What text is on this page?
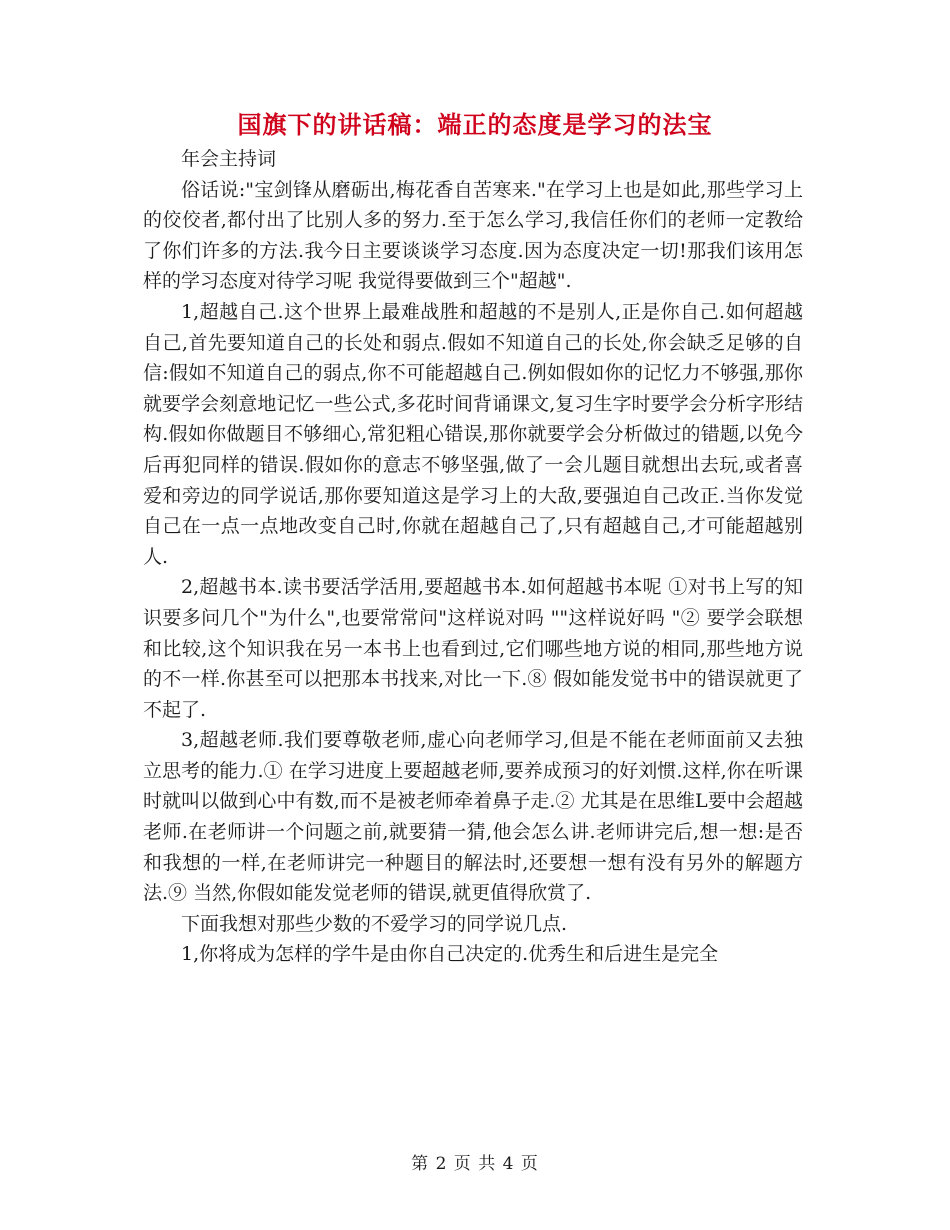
国旗下的讲话稿：端正的态度是学习的法宝

年会主持词

俗话说:"宝剑锋从磨砺出,梅花香自苦寒来."在学习上也是如此,那些学习上的佼佼者,都付出了比别人多的努力.至于怎么学习,我信任你们的老师一定教给了你们许多的方法.我今日主要谈谈学习态度.因为态度决定一切!那我们该用怎样的学习态度对待学习呢 我觉得要做到三个"超越".

1,超越自己.这个世界上最难战胜和超越的不是别人,正是你自己.如何超越自己,首先要知道自己的长处和弱点.假如不知道自己的长处,你会缺乏足够的自信:假如不知道自己的弱点,你不可能超越自己.例如假如你的记忆力不够强,那你就要学会刻意地记忆一些公式,多花时间背诵课文,复习生字时要学会分析字形结构.假如你做题目不够细心,常犯粗心错误,那你就要学会分析做过的错题,以免今后再犯同样的错误.假如你的意志不够坚强,做了一会儿题目就想出去玩,或者喜爱和旁边的同学说话,那你要知道这是学习上的大敌,要强迫自己改正.当你发觉自己在一点一点地改变自己时,你就在超越自己了,只有超越自己,才可能超越别人.

2,超越书本.读书要活学活用,要超越书本.如何超越书本呢 ①对书上写的知识要多问几个"为什么",也要常常问"这样说对吗 ""这样说好吗 "② 要学会联想和比较,这个知识我在另一本书上也看到过,它们哪些地方说的相同,那些地方说的不一样.你甚至可以把那本书找来,对比一下.⑧ 假如能发觉书中的错误就更了不起了.

3,超越老师.我们要尊敬老师,虚心向老师学习,但是不能在老师面前又去独立思考的能力.① 在学习进度上要超越老师,要养成预习的好刘惯.这样,你在听课时就叫以做到心中有数,而不是被老师牵着鼻子走.② 尤其是在思维L要中会超越老师.在老师讲一个问题之前,就要猜一猜,他会怎么讲.老师讲完后,想一想:是否和我想的一样,在老师讲完一种题目的解法时,还要想一想有没有另外的解题方法.⑨ 当然,你假如能发觉老师的错误,就更值得欣赏了.

下面我想对那些少数的不爱学习的同学说几点.

1,你将成为怎样的学牛是由你自己决定的.优秀生和后进生是完全

第 2 页 共 4 页
